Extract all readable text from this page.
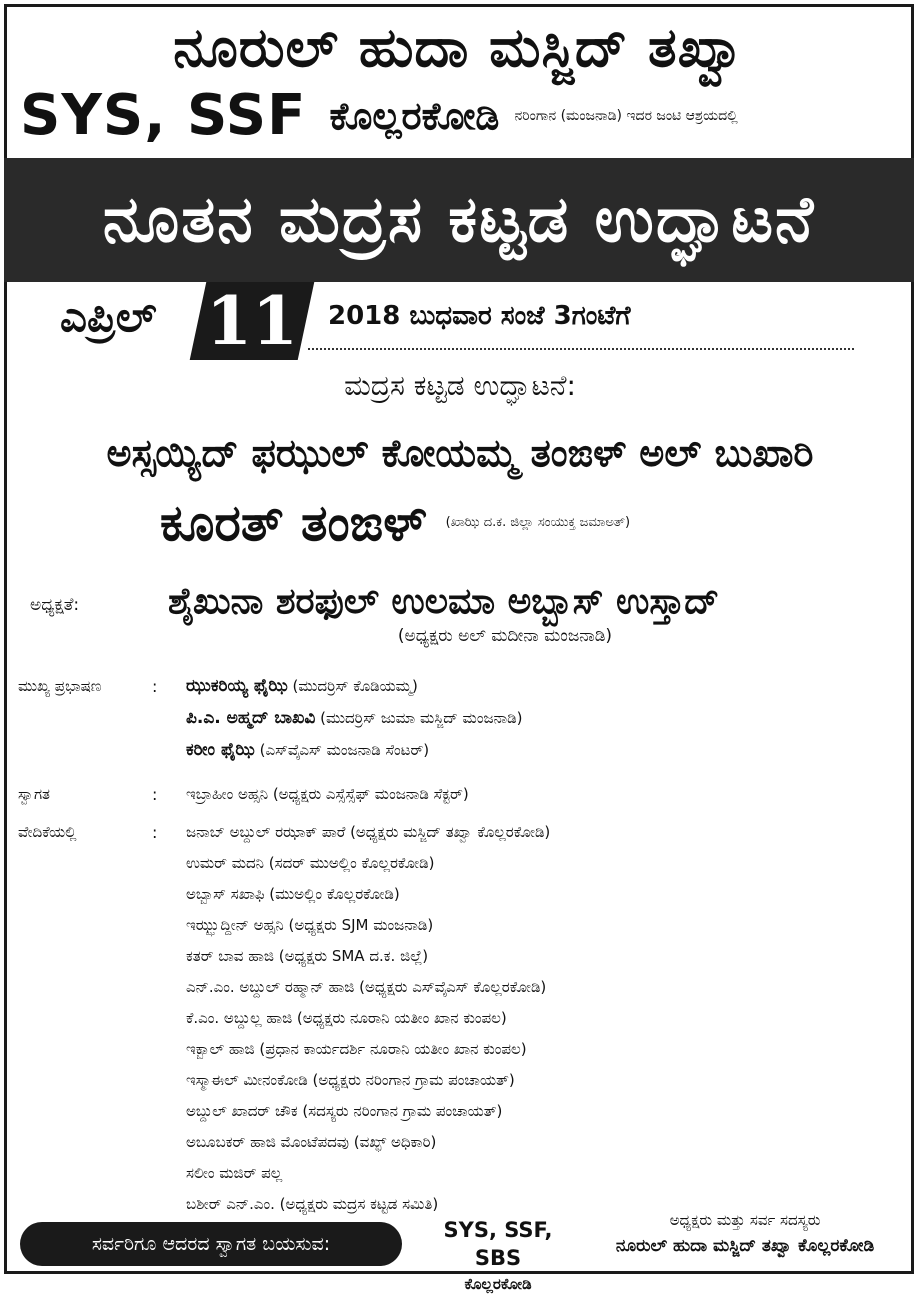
ನೂರುಲ್ ಹುದಾ ಮಸ್ಜಿದ್ ತಖ್ವಾ
SYS, SSF ಕೊಲ್ಲರಕೋಡಿ ನರಿಂಗಾನ (ಮಂಜನಾಡಿ) ಇದರ ಜಂಟಿ ಆಶ್ರಯದಲ್ಲಿ
ನೂತನ ಮದ್ರಸ ಕಟ್ಟಡ ಉದ್ಘಾಟನೆ
ಎಪ್ರಿಲ್ 11	2018 ಬುಧವಾರ ಸಂಜೆ 3ಗಂಟೆಗೆ
ಮದ್ರಸ ಕಟ್ಟಡ ಉದ್ಘಾಟನೆ:
ಅಸ್ಸಯ್ಯಿದ್ ಫಝುಲ್ ಕೋಯಮ್ಮ ತಂಙಳ್ ಅಲ್ ಬುಖಾರಿ
ಕೂರತ್ ತಂಙಳ್ (ಖಾಝಿ ದ.ಕ. ಜಿಲ್ಲಾ ಸಂಯುಕ್ತ ಜಮಾಅತ್)
ಅಧ್ಯಕ್ಷತೆ: ಶೈಖುನಾ ಶರಫುಲ್ ಉಲಮಾ ಅಬ್ಬಾಸ್ ಉಸ್ತಾದ್
(ಅಧ್ಯಕ್ಷರು ಅಲ್ ಮದೀನಾ ಮಂಜನಾಡಿ)
ಮುಖ್ಯ ಪ್ರಭಾಷಣ	: ಝುಕರಿಯ್ಯ ಫೈಝಿ (ಮುದರ್ರಿಸ್ ಕೊಡಿಯಮ್ಮ)
ಪಿ.ಎ. ಅಹ್ಮದ್ ಬಾಖವಿ (ಮುದರ್ರಿಸ್ ಜುಮಾ ಮಸ್ಜಿದ್ ಮಂಜನಾಡಿ)
ಕರೀಂ ಫೈಝಿ (ಎಸ್‌ವೈಎಸ್ ಮಂಜನಾಡಿ ಸೆಂಟರ್)
ಸ್ವಾಗತ	: ಇಬ್ರಾಹೀಂ ಅಹ್ಸನಿ (ಅಧ್ಯಕ್ಷರು ಎಸ್ಸೆಸ್ಸೆಫ್ ಮಂಜನಾಡಿ ಸೆಕ್ಟರ್)
ವೇದಿಕೆಯಲ್ಲಿ	: ಜನಾಬ್ ಅಬ್ದುಲ್ ರಝಾಕ್ ಪಾರೆ (ಅಧ್ಯಕ್ಷರು ಮಸ್ಜಿದ್ ತಖ್ವಾ ಕೊಲ್ಲರಕೋಡಿ)
ಉಮರ್ ಮದನಿ (ಸದರ್ ಮುಅಲ್ಲಿಂ ಕೊಲ್ಲರಕೋಡಿ)
ಅಬ್ಬಾಸ್ ಸಖಾಫಿ (ಮುಅಲ್ಲಿಂ ಕೊಲ್ಲರಕೋಡಿ)
ಇಝ್ಝುದ್ದೀನ್ ಅಹ್ಸನಿ (ಅಧ್ಯಕ್ಷರು SJM ಮಂಜನಾಡಿ)
ಕತರ್ ಬಾವ ಹಾಜಿ (ಅಧ್ಯಕ್ಷರು SMA ದ.ಕ. ಜಿಲ್ಲೆ)
ಎನ್.ಎಂ. ಅಬ್ದುಲ್ ರಹ್ಮಾನ್ ಹಾಜಿ (ಅಧ್ಯಕ್ಷರು ಎಸ್‌ವೈಎಸ್ ಕೊಲ್ಲರಕೋಡಿ)
ಕೆ.ಎಂ. ಅಬ್ದುಲ್ಲ ಹಾಜಿ (ಅಧ್ಯಕ್ಷರು ನೂರಾನಿ ಯತೀಂ ಖಾನ ಕುಂಪಲ)
ಇಕ್ಬಾಲ್ ಹಾಜಿ (ಪ್ರಧಾನ ಕಾರ್ಯದರ್ಶಿ ನೂರಾನಿ ಯತೀಂ ಖಾನ ಕುಂಪಲ)
ಇಸ್ಮಾಈಲ್ ಮೀನಂಕೋಡಿ (ಅಧ್ಯಕ್ಷರು ನರಿಂಗಾನ ಗ್ರಾಮ ಪಂಚಾಯತ್)
ಅಬ್ದುಲ್ ಖಾದರ್ ಚೌಕ (ಸದಸ್ಯರು ನರಿಂಗಾನ ಗ್ರಾಮ ಪಂಚಾಯತ್)
ಅಬೂಬಕರ್ ಹಾಜಿ ಮೊಂಟೆಪದವು (ವಖ್ಫ್ ಅಧಿಕಾರಿ)
ಸಲೀಂ ಮಜಿರ್ ಪಲ್ಲ
ಬಶೀರ್ ಎನ್.ಎಂ. (ಅಧ್ಯಕ್ಷರು ಮದ್ರಸ ಕಟ್ಟಡ ಸಮಿತಿ)
ಸರ್ವರಿಗೂ ಆದರದ ಸ್ವಾಗತ ಬಯಸುವ:
SYS, SSF, SBS
ಕೊಲ್ಲರಕೋಡಿ
ಅಧ್ಯಕ್ಷರು ಮತ್ತು ಸರ್ವ ಸದಸ್ಯರು
ನೂರುಲ್ ಹುದಾ ಮಸ್ಜಿದ್ ತಖ್ವಾ ಕೊಲ್ಲರಕೋಡಿ
